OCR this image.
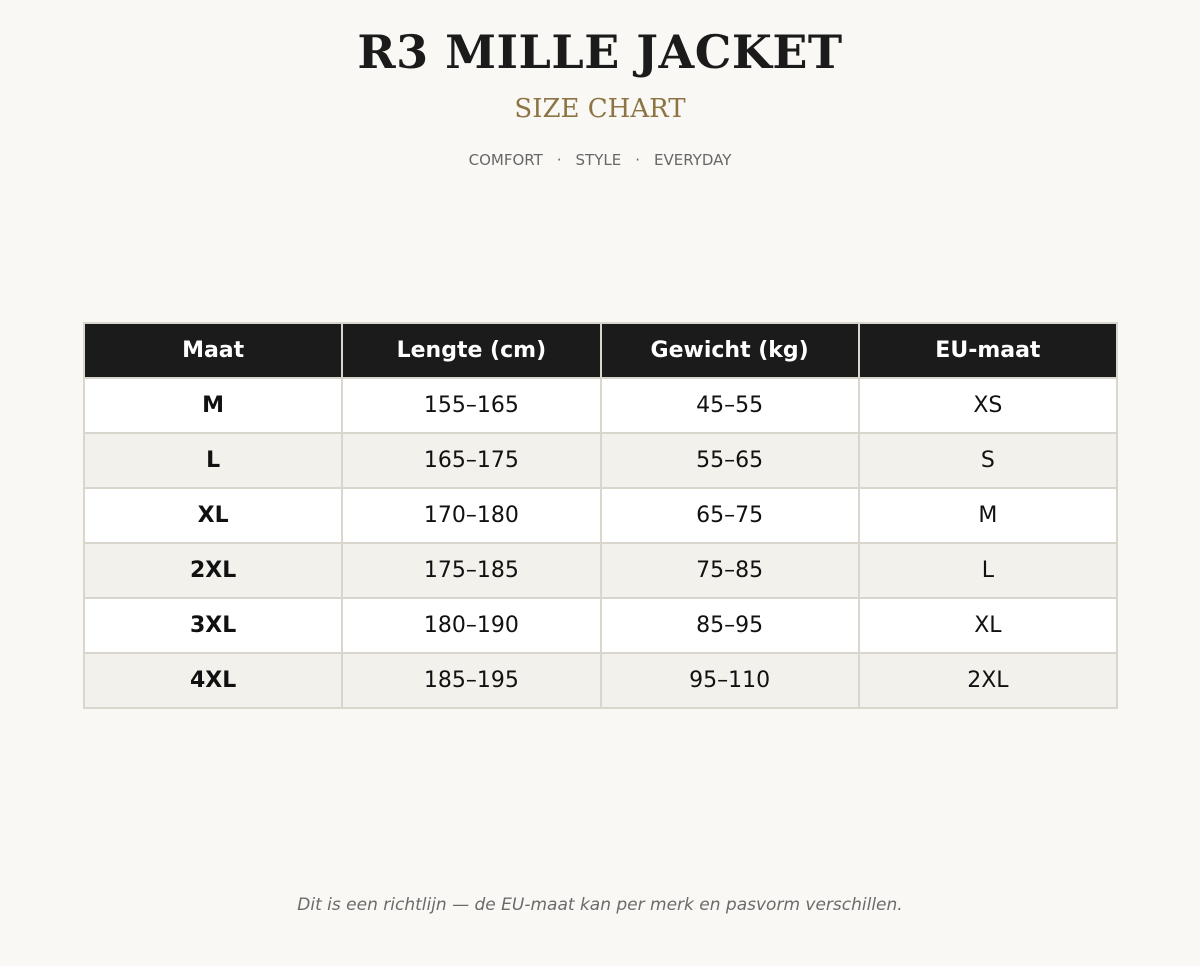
R3 MILLE JACKET
SIZE CHART
COMFORT · STYLE · EVERYDAY
Maat	Lengte (cm)	Gewicht (kg)	EU-maat
M	155–165	45–55	XS
L	165–175	55–65	S
XL	170–180	65–75	M
2XL	175–185	75–85	L
3XL	180–190	85–95	XL
4XL	185–195	95–110	2XL
Dit is een richtlijn — de EU-maat kan per merk en pasvorm verschillen.
